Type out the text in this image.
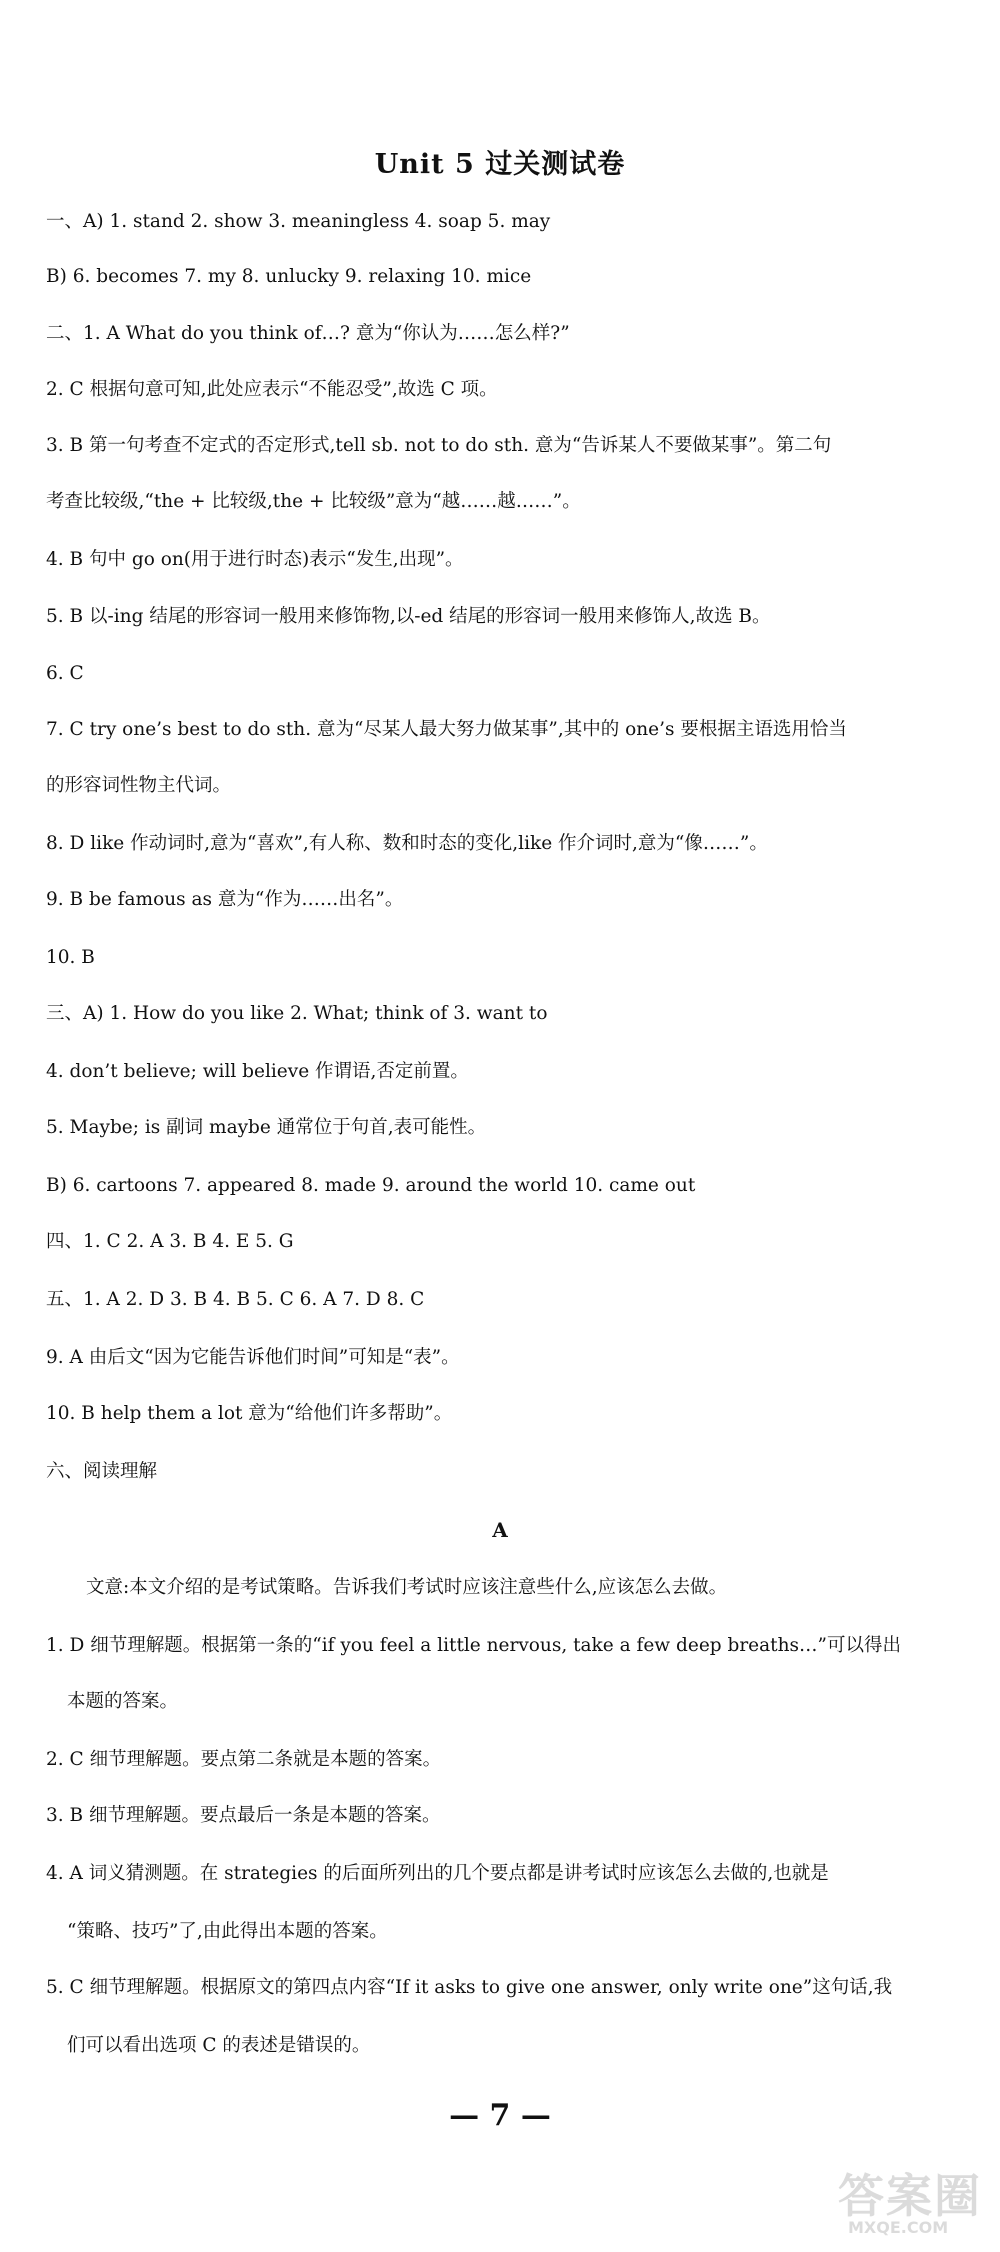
Unit 5 过关测试卷
一、A) 1. stand 2. show 3. meaningless 4. soap 5. may
B) 6. becomes 7. my 8. unlucky 9. relaxing 10. mice
二、1. A What do you think of…? 意为“你认为……怎么样?”
2. C 根据句意可知,此处应表示“不能忍受”,故选 C 项。
3. B 第一句考查不定式的否定形式,tell sb. not to do sth. 意为“告诉某人不要做某事”。第二句
考查比较级,“the + 比较级,the + 比较级”意为“越……越……”。
4. B 句中 go on(用于进行时态)表示“发生,出现”。
5. B 以-ing 结尾的形容词一般用来修饰物,以-ed 结尾的形容词一般用来修饰人,故选 B。
6. C
7. C try one’s best to do sth. 意为“尽某人最大努力做某事”,其中的 one’s 要根据主语选用恰当
的形容词性物主代词。
8. D like 作动词时,意为“喜欢”,有人称、数和时态的变化,like 作介词时,意为“像……”。
9. B be famous as 意为“作为……出名”。
10. B
三、A) 1. How do you like 2. What; think of 3. want to
4. don’t believe; will believe 作谓语,否定前置。
5. Maybe; is 副词 maybe 通常位于句首,表可能性。
B) 6. cartoons 7. appeared 8. made 9. around the world 10. came out
四、1. C 2. A 3. B 4. E 5. G
五、1. A 2. D 3. B 4. B 5. C 6. A 7. D 8. C
9. A 由后文“因为它能告诉他们时间”可知是“表”。
10. B help them a lot 意为“给他们许多帮助”。
六、阅读理解
A
文意:本文介绍的是考试策略。告诉我们考试时应该注意些什么,应该怎么去做。
1. D 细节理解题。根据第一条的“if you feel a little nervous, take a few deep breaths…”可以得出
本题的答案。
2. C 细节理解题。要点第二条就是本题的答案。
3. B 细节理解题。要点最后一条是本题的答案。
4. A 词义猜测题。在 strategies 的后面所列出的几个要点都是讲考试时应该怎么去做的,也就是
“策略、技巧”了,由此得出本题的答案。
5. C 细节理解题。根据原文的第四点内容“If it asks to give one answer, only write one”这句话,我
们可以看出选项 C 的表述是错误的。
— 7 —
答案圈
MXQE.COM
